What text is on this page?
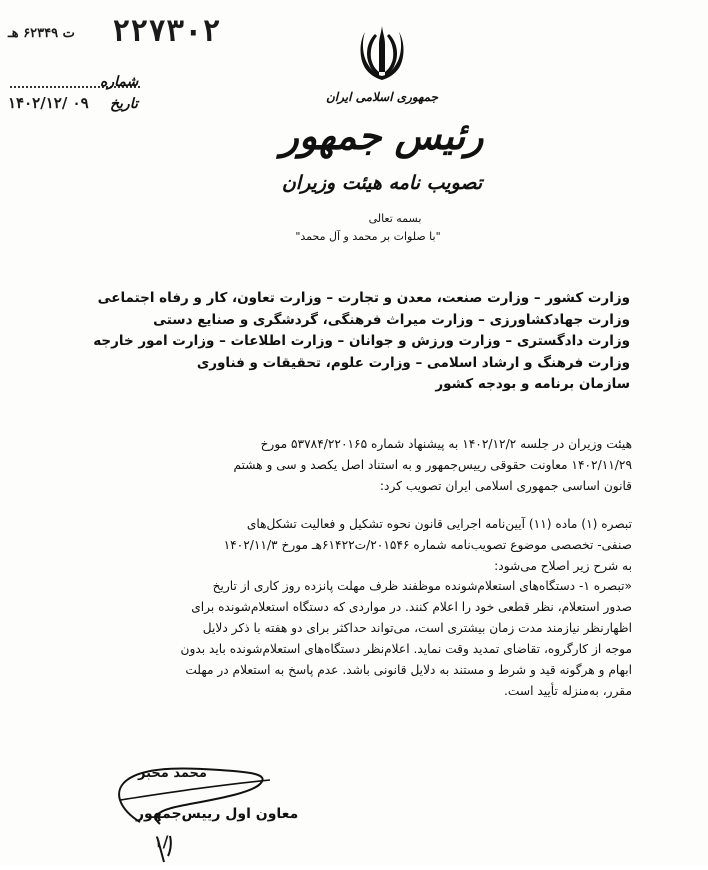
۲۲۷۳۰۲
ت ۶۲۳۴۹ هـ
شماره
تاریخ
۱۴۰۲/۱۲/ ۰۹	جمهوری اسلامی ایران
رئیس جمهور
تصویب نامه هیئت وزیران
بسمه تعالی
"با صلوات بر محمد و آل محمد"
وزارت کشور – وزارت صنعت، معدن و تجارت – وزارت تعاون، کار و رفاه اجتماعی
وزارت جهادکشاورزی – وزارت میراث فرهنگی، گردشگری و صنایع دستی
وزارت دادگستری – وزارت ورزش و جوانان – وزارت اطلاعات – وزارت امور خارجه
وزارت فرهنگ و ارشاد اسلامی – وزارت علوم، تحقیقات و فناوری
سازمان برنامه و بودجه کشور
هیئت وزیران در جلسه ۱۴۰۲/۱۲/۲ به پیشنهاد شماره ۵۳۷۸۴/۲۲۰۱۶۵ مورخ
۱۴۰۲/۱۱/۲۹ معاونت حقوقی رییس‌جمهور و به استناد اصل یکصد و سی و هشتم
قانون اساسی جمهوری اسلامی ایران تصویب کرد:
تبصره (۱) ماده (۱۱) آیین‌نامه اجرایی قانون نحوه تشکیل و فعالیت تشکل‌های
صنفی- تخصصی موضوع تصویب‌نامه شماره ۲۰۱۵۴۶/ت۶۱۴۲۲هـ مورخ ۱۴۰۲/۱۱/۳
به شرح زیر اصلاح می‌شود:
«تبصره ۱- دستگاه‌های استعلام‌شونده موظفند ظرف مهلت پانزده روز کاری از تاریخ
صدور استعلام، نظر قطعی خود را اعلام کنند. در مواردی که دستگاه استعلام‌شونده برای
اظهارنظر نیازمند مدت زمان بیشتری است، می‌تواند حداکثر برای دو هفته با ذکر دلایل
موجه از کارگروه، تقاضای تمدید وقت نماید. اعلام‌نظر دستگاه‌های استعلام‌شونده باید بدون
ابهام و هرگونه قید و شرط و مستند به دلایل قانونی باشد. عدم پاسخ به استعلام در مهلت
مقرر، به‌منزله تأیید است.
محمد مخبر
معاون اول رییس‌جمهور
۱/
